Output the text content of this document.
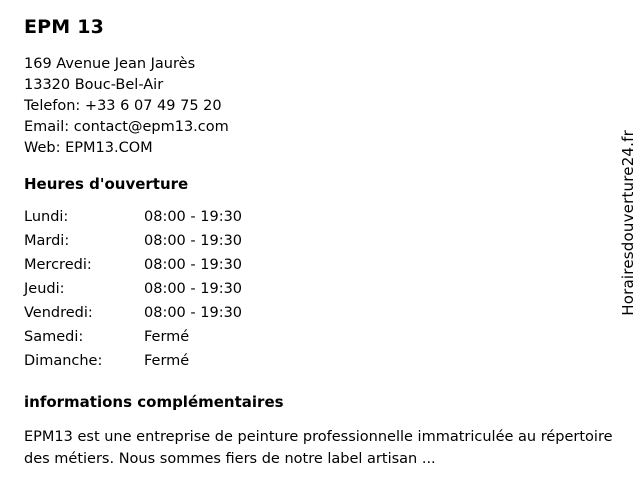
EPM 13
169 Avenue Jean Jaurès
13320 Bouc-Bel-Air
Telefon: +33 6 07 49 75 20
Email: contact@epm13.com
Web: EPM13.COM
Heures d'ouverture
Lundi:	08:00 - 19:30
Mardi:	08:00 - 19:30
Mercredi:	08:00 - 19:30
Jeudi:	08:00 - 19:30
Vendredi:	08:00 - 19:30
Samedi:	Fermé
Dimanche:	Fermé
informations complémentaires

EPM13 est une entreprise de peinture professionnelle immatriculée au répertoire des métiers. Nous sommes fiers de notre label artisan ...

Horairesdouverture24.fr
